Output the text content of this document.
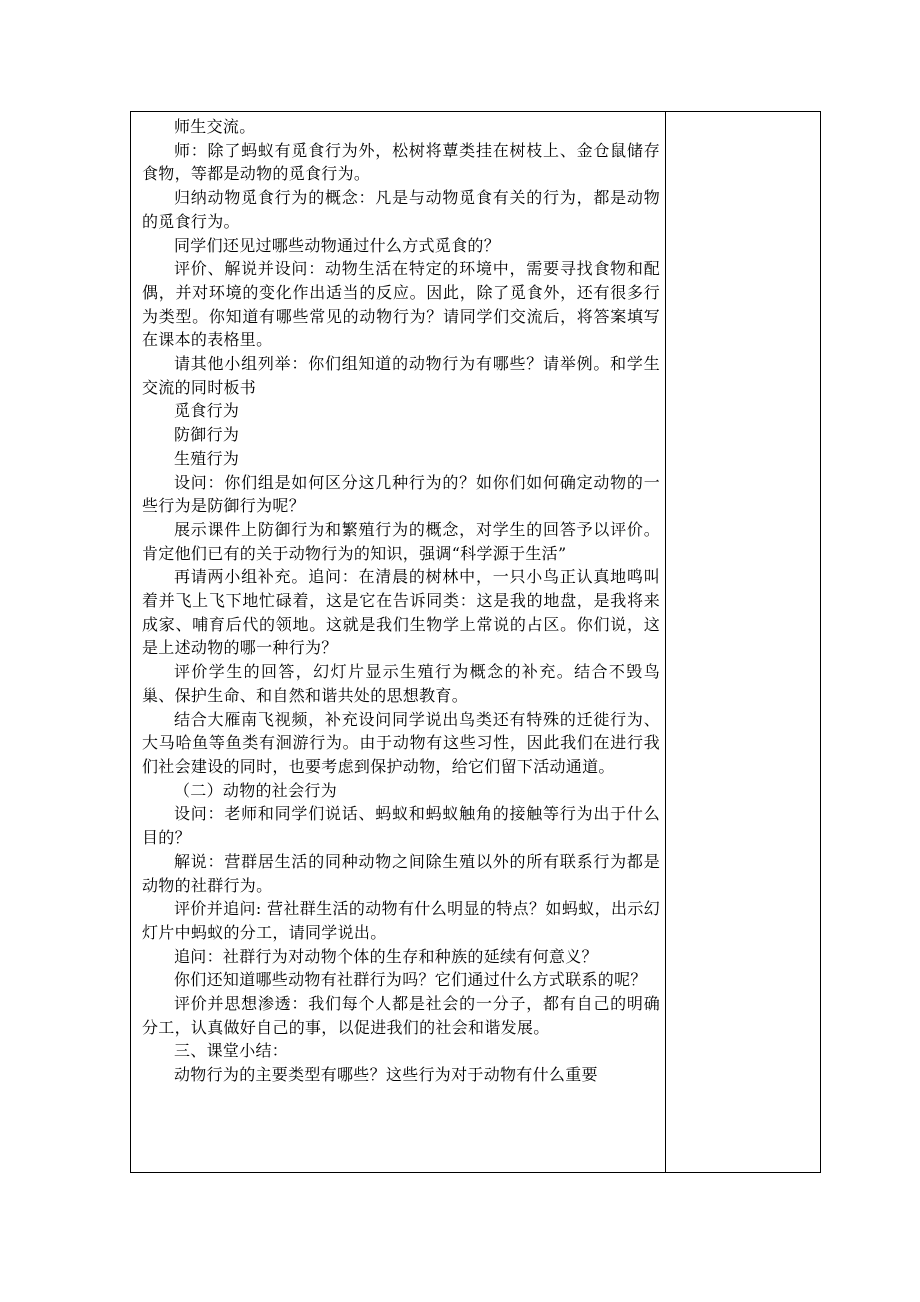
师生交流。

师：除了蚂蚁有觅食行为外，松树将蕈类挂在树枝上、金仓鼠储存食物，等都是动物的觅食行为。

归纳动物觅食行为的概念：凡是与动物觅食有关的行为，都是动物的觅食行为。

同学们还见过哪些动物通过什么方式觅食的？

评价、解说并设问：动物生活在特定的环境中，需要寻找食物和配偶，并对环境的变化作出适当的反应。因此，除了觅食外，还有很多行为类型。你知道有哪些常见的动物行为？请同学们交流后，将答案填写在课本的表格里。

请其他小组列举：你们组知道的动物行为有哪些？请举例。和学生交流的同时板书

觅食行为

防御行为

生殖行为

设问：你们组是如何区分这几种行为的？如你们如何确定动物的一些行为是防御行为呢？

展示课件上防御行为和繁殖行为的概念，对学生的回答予以评价。肯定他们已有的关于动物行为的知识，强调“科学源于生活”

再请两小组补充。追问：在清晨的树林中，一只小鸟正认真地鸣叫着并飞上飞下地忙碌着，这是它在告诉同类：这是我的地盘，是我将来成家、哺育后代的领地。这就是我们生物学上常说的占区。你们说，这是上述动物的哪一种行为？

评价学生的回答，幻灯片显示生殖行为概念的补充。结合不毁鸟巢、保护生命、和自然和谐共处的思想教育。

结合大雁南飞视频，补充设问同学说出鸟类还有特殊的迁徙行为、大马哈鱼等鱼类有洄游行为。由于动物有这些习性，因此我们在进行我们社会建设的同时，也要考虑到保护动物，给它们留下活动通道。

（二）动物的社会行为

设问：老师和同学们说话、蚂蚁和蚂蚁触角的接触等行为出于什么目的？

解说：营群居生活的同种动物之间除生殖以外的所有联系行为都是动物的社群行为。

评价并追问: 营社群生活的动物有什么明显的特点？如蚂蚁，出示幻灯片中蚂蚁的分工，请同学说出。

追问：社群行为对动物个体的生存和种族的延续有何意义？

你们还知道哪些动物有社群行为吗？它们通过什么方式联系的呢？

评价并思想渗透：我们每个人都是社会的一分子，都有自己的明确分工，认真做好自己的事，以促进我们的社会和谐发展。

三、课堂小结：

动物行为的主要类型有哪些？这些行为对于动物有什么重要
